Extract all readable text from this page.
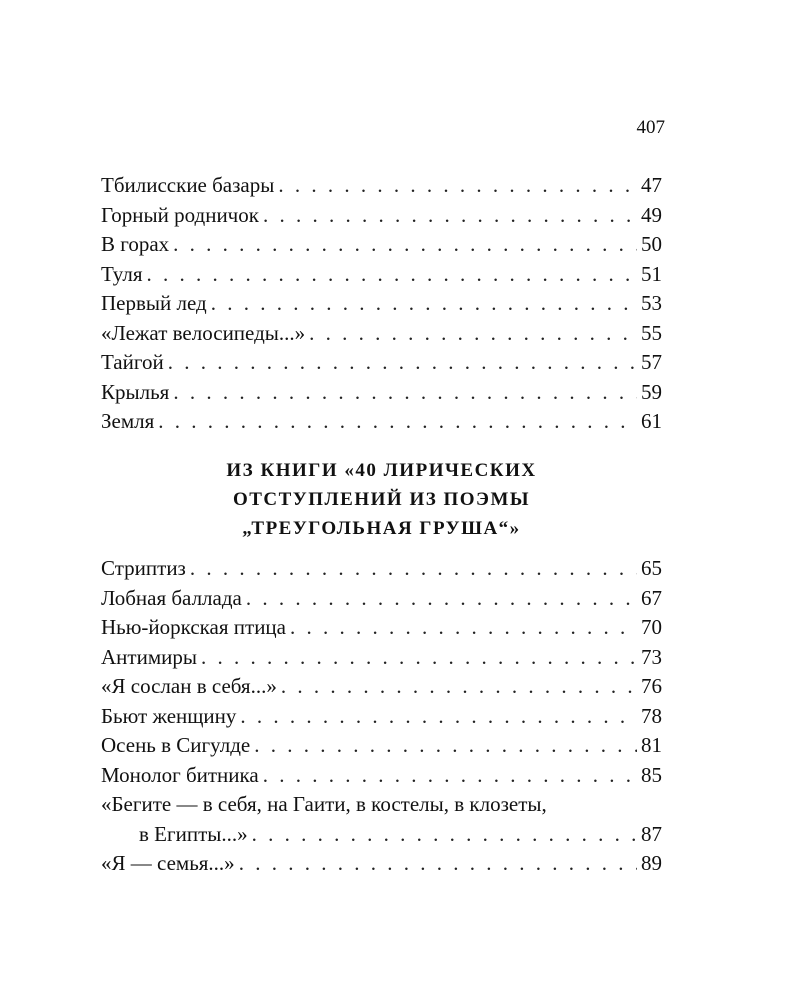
407
Тбилисские базары . . .	47
Горный родничок . . .	49
В горах . . .	50
Туля . . .	51
Первый лед . . .	53
«Лежат велосипеды...» . . .	55
Тайгой . . .	57
Крылья . . .	59
Земля . . .	61
ИЗ КНИГИ «40 ЛИРИЧЕСКИХ
ОТСТУПЛЕНИЙ ИЗ ПОЭМЫ
„ТРЕУГОЛЬНАЯ ГРУША“»
Стриптиз . . .	65
Лобная баллада . . .	67
Нью-йоркская птица . . .	70
Антимиры . . .	73
«Я сослан в себя...» . . .	76
Бьют женщину . . .	78
Осень в Сигулде . . .	81
Монолог битника . . .	85
«Бегите — в себя, на Гаити, в костелы, в клозеты,
в Египты...» . . .	87
«Я — семья...» . . .	89
